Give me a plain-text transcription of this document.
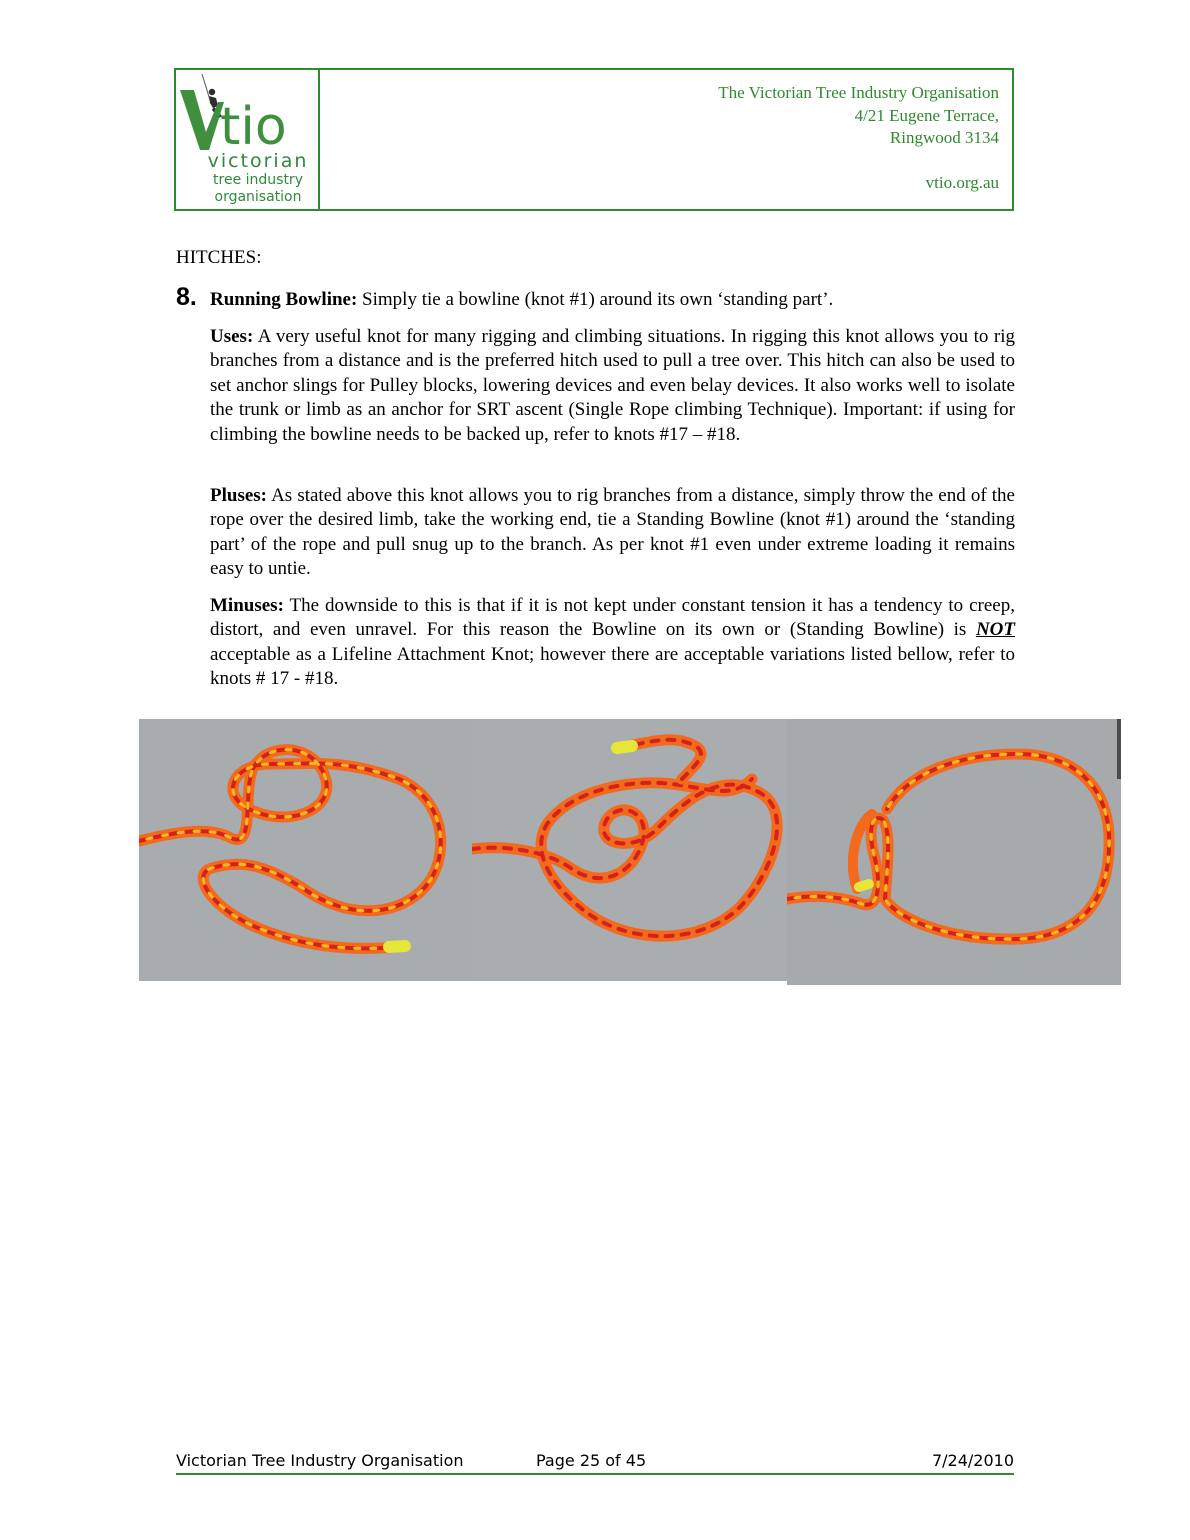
tio
victorian
tree industry
organisation
The Victorian Tree Industry Organisation
4/21 Eugene Terrace,
Ringwood 3134
vtio.org.au
HITCHES:
8. Running Bowline: Simply tie a bowline (knot #1) around its own ‘standing part’.
Uses: A very useful knot for many rigging and climbing situations. In rigging this knot allows you to rig branches from a distance and is the preferred hitch used to pull a tree over. This hitch can also be used to set anchor slings for Pulley blocks, lowering devices and even belay devices. It also works well to isolate the trunk or limb as an anchor for SRT ascent (Single Rope climbing Technique). Important: if using for climbing the bowline needs to be backed up, refer to knots #17 – #18.
Pluses: As stated above this knot allows you to rig branches from a distance, simply throw the end of the rope over the desired limb, take the working end, tie a Standing Bowline (knot #1) around the ‘standing part’ of the rope and pull snug up to the branch. As per knot #1 even under extreme loading it remains easy to untie.
Minuses: The downside to this is that if it is not kept under constant tension it has a tendency to creep, distort, and even unravel. For this reason the Bowline on its own or (Standing Bowline) is NOT acceptable as a Lifeline Attachment Knot; however there are acceptable variations listed bellow, refer to knots # 17 - #18.
Victorian Tree Industry Organisation	Page 25 of 45	7/24/2010
